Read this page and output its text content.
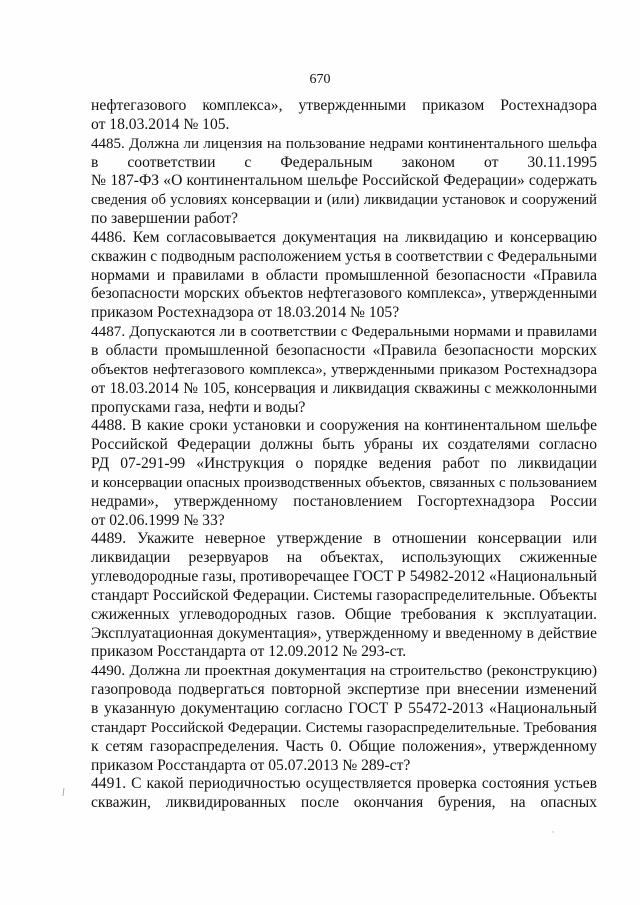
670
нефтегазового комплекса», утвержденными приказом Ростехнадзора
от 18.03.2014 № 105.
4485. Должна ли лицензия на пользование недрами континентального шельфа
в соответствии с Федеральным законом от 30.11.1995
№ 187-ФЗ «О континентальном шельфе Российской Федерации» содержать
сведения об условиях консервации и (или) ликвидации установок и сооружений
по завершении работ?
4486. Кем согласовывается документация на ликвидацию и консервацию
скважин с подводным расположением устья в соответствии с Федеральными
нормами и правилами в области промышленной безопасности «Правила
безопасности морских объектов нефтегазового комплекса», утвержденными
приказом Ростехнадзора от 18.03.2014 № 105?
4487. Допускаются ли в соответствии с Федеральными нормами и правилами
в области промышленной безопасности «Правила безопасности морских
объектов нефтегазового комплекса», утвержденными приказом Ростехнадзора
от 18.03.2014 № 105, консервация и ликвидация скважины с межколонными
пропусками газа, нефти и воды?
4488. В какие сроки установки и сооружения на континентальном шельфе
Российской Федерации должны быть убраны их создателями согласно
РД 07-291-99 «Инструкция о порядке ведения работ по ликвидации
и консервации опасных производственных объектов, связанных с пользованием
недрами», утвержденному постановлением Госгортехнадзора России
от 02.06.1999 № 33?
4489. Укажите неверное утверждение в отношении консервации или
ликвидации резервуаров на объектах, использующих сжиженные
углеводородные газы, противоречащее ГОСТ Р 54982-2012 «Национальный
стандарт Российской Федерации. Системы газораспределительные. Объекты
сжиженных углеводородных газов. Общие требования к эксплуатации.
Эксплуатационная документация», утвержденному и введенному в действие
приказом Росстандарта от 12.09.2012 № 293-ст.
4490. Должна ли проектная документация на строительство (реконструкцию)
газопровода подвергаться повторной экспертизе при внесении изменений
в указанную документацию согласно ГОСТ Р 55472-2013 «Национальный
стандарт Российской Федерации. Системы газораспределительные. Требования
к сетям газораспределения. Часть 0. Общие положения», утвержденному
приказом Росстандарта от 05.07.2013 № 289-ст?
4491. С какой периодичностью осуществляется проверка состояния устьев
скважин, ликвидированных после окончания бурения, на опасных
